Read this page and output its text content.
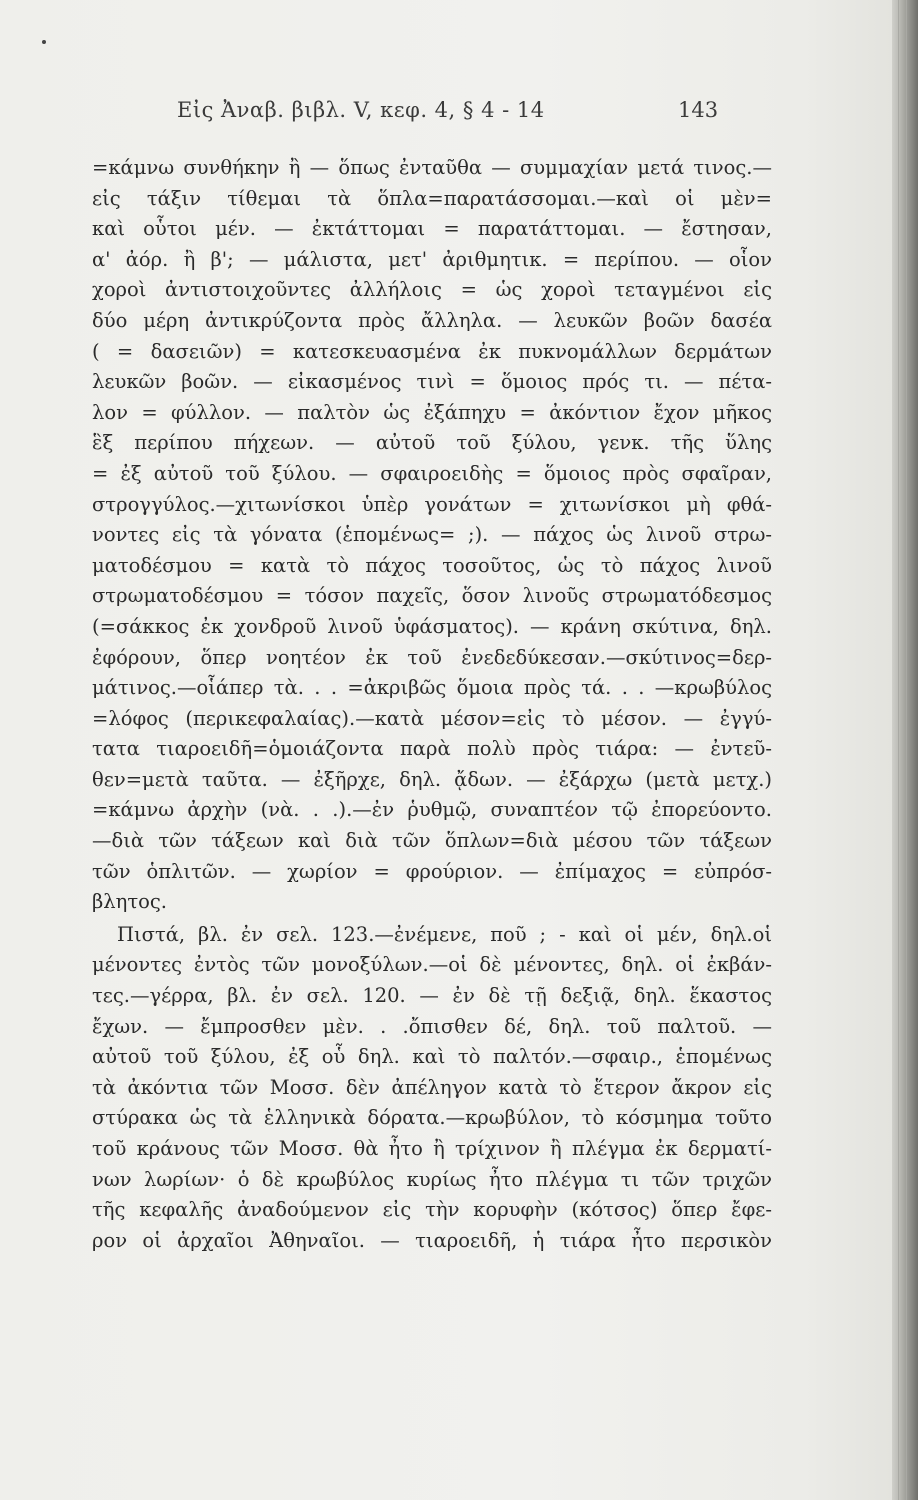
Εἰς Ἀναβ. βιβλ. V, κεφ. 4, § 4 - 14	143
=κάμνω συνθήκην ἢ — ὅπως ἐνταῦθα — συμμαχίαν μετά τινος.—
εἰς τάξιν τίθεμαι τὰ ὅπλα=παρατάσσομαι.—καὶ οἱ μὲν=
καὶ οὗτοι μέν. — ἐκτάττομαι = παρατάττομαι. — ἔστησαν,
α' ἀόρ. ἢ β'; — μάλιστα, μετ' ἀριθμητικ. = περίπου. — οἷον
χοροὶ ἀντιστοιχοῦντες ἀλλήλοις = ὡς χοροὶ τεταγμένοι εἰς
δύο μέρη ἀντικρύζοντα πρὸς ἄλληλα. — λευκῶν βοῶν δασέα
( = δασειῶν) = κατεσκευασμένα ἐκ πυκνομάλλων δερμάτων
λευκῶν βοῶν. — εἰκασμένος τινὶ = ὅμοιος πρός τι. — πέτα-
λον = φύλλον. — παλτὸν ὡς ἐξάπηχυ = ἀκόντιον ἔχον μῆκος
ἓξ περίπου πήχεων. — αὐτοῦ τοῦ ξύλου, γενκ. τῆς ὕλης
= ἐξ αὐτοῦ τοῦ ξύλου. — σφαιροειδὴς = ὅμοιος πρὸς σφαῖραν,
στρογγύλος.—χιτωνίσκοι ὑπὲρ γονάτων = χιτωνίσκοι μὴ φθά-
νοντες εἰς τὰ γόνατα (ἑπομένως= ;). — πάχος ὡς λινοῦ στρω-
ματοδέσμου = κατὰ τὸ πάχος τοσοῦτος, ὡς τὸ πάχος λινοῦ
στρωματοδέσμου = τόσον παχεῖς, ὅσον λινοῦς στρωματόδεσμος
(=σάκκος ἐκ χονδροῦ λινοῦ ὑφάσματος). — κράνη σκύτινα, δηλ.
ἐφόρουν, ὅπερ νοητέον ἐκ τοῦ ἐνεδεδύκεσαν.—σκύτινος=δερ-
μάτινος.—οἷάπερ τὰ. . . =ἀκριβῶς ὅμοια πρὸς τά. . . —κρωβύλος
=λόφος (περικεφαλαίας).—κατὰ μέσον=εἰς τὸ μέσον. — ἐγγύ-
τατα τιαροειδῆ=ὁμοιάζοντα παρὰ πολὺ πρὸς τιάρα: — ἐντεῦ-
θεν=μετὰ ταῦτα. — ἐξῆρχε, δηλ. ᾄδων. — ἐξάρχω (μετὰ μετχ.)
=κάμνω ἀρχὴν (νὰ. . .).—ἐν ῥυθμῷ, συναπτέον τῷ ἐπορεύοντο.
—διὰ τῶν τάξεων καὶ διὰ τῶν ὅπλων=διὰ μέσου τῶν τάξεων
τῶν ὁπλιτῶν. — χωρίον = φρούριον. — ἐπίμαχος = εὐπρόσ-
βλητος.
Πιστά, βλ. ἐν σελ. 123.—ἐνέμενε, ποῦ ; - καὶ οἱ μέν, δηλ.οἱ
μένοντες ἐντὸς τῶν μονοξύλων.—οἱ δὲ μένοντες, δηλ. οἱ ἐκβάν-
τες.—γέρρα, βλ. ἐν σελ. 120. — ἐν δὲ τῇ δεξιᾷ, δηλ. ἕκαστος
ἔχων. — ἔμπροσθεν μὲν. . .ὄπισθεν δέ, δηλ. τοῦ παλτοῦ. —
αὐτοῦ τοῦ ξύλου, ἐξ οὗ δηλ. καὶ τὸ παλτόν.—σφαιρ., ἑπομένως
τὰ ἀκόντια τῶν Μοσσ. δὲν ἀπέληγον κατὰ τὸ ἕτερον ἄκρον εἰς
στύρακα ὡς τὰ ἑλληνικὰ δόρατα.—κρωβύλον, τὸ κόσμημα τοῦτο
τοῦ κράνους τῶν Μοσσ. θὰ ἦτο ἢ τρίχινον ἢ πλέγμα ἐκ δερματί-
νων λωρίων· ὁ δὲ κρωβύλος κυρίως ἦτο πλέγμα τι τῶν τριχῶν
τῆς κεφαλῆς ἀναδούμενον εἰς τὴν κορυφὴν (κότσος) ὅπερ ἔφε-
ρον οἱ ἀρχαῖοι Ἀθηναῖοι. — τιαροειδῆ, ἡ τιάρα ἦτο περσικὸν
